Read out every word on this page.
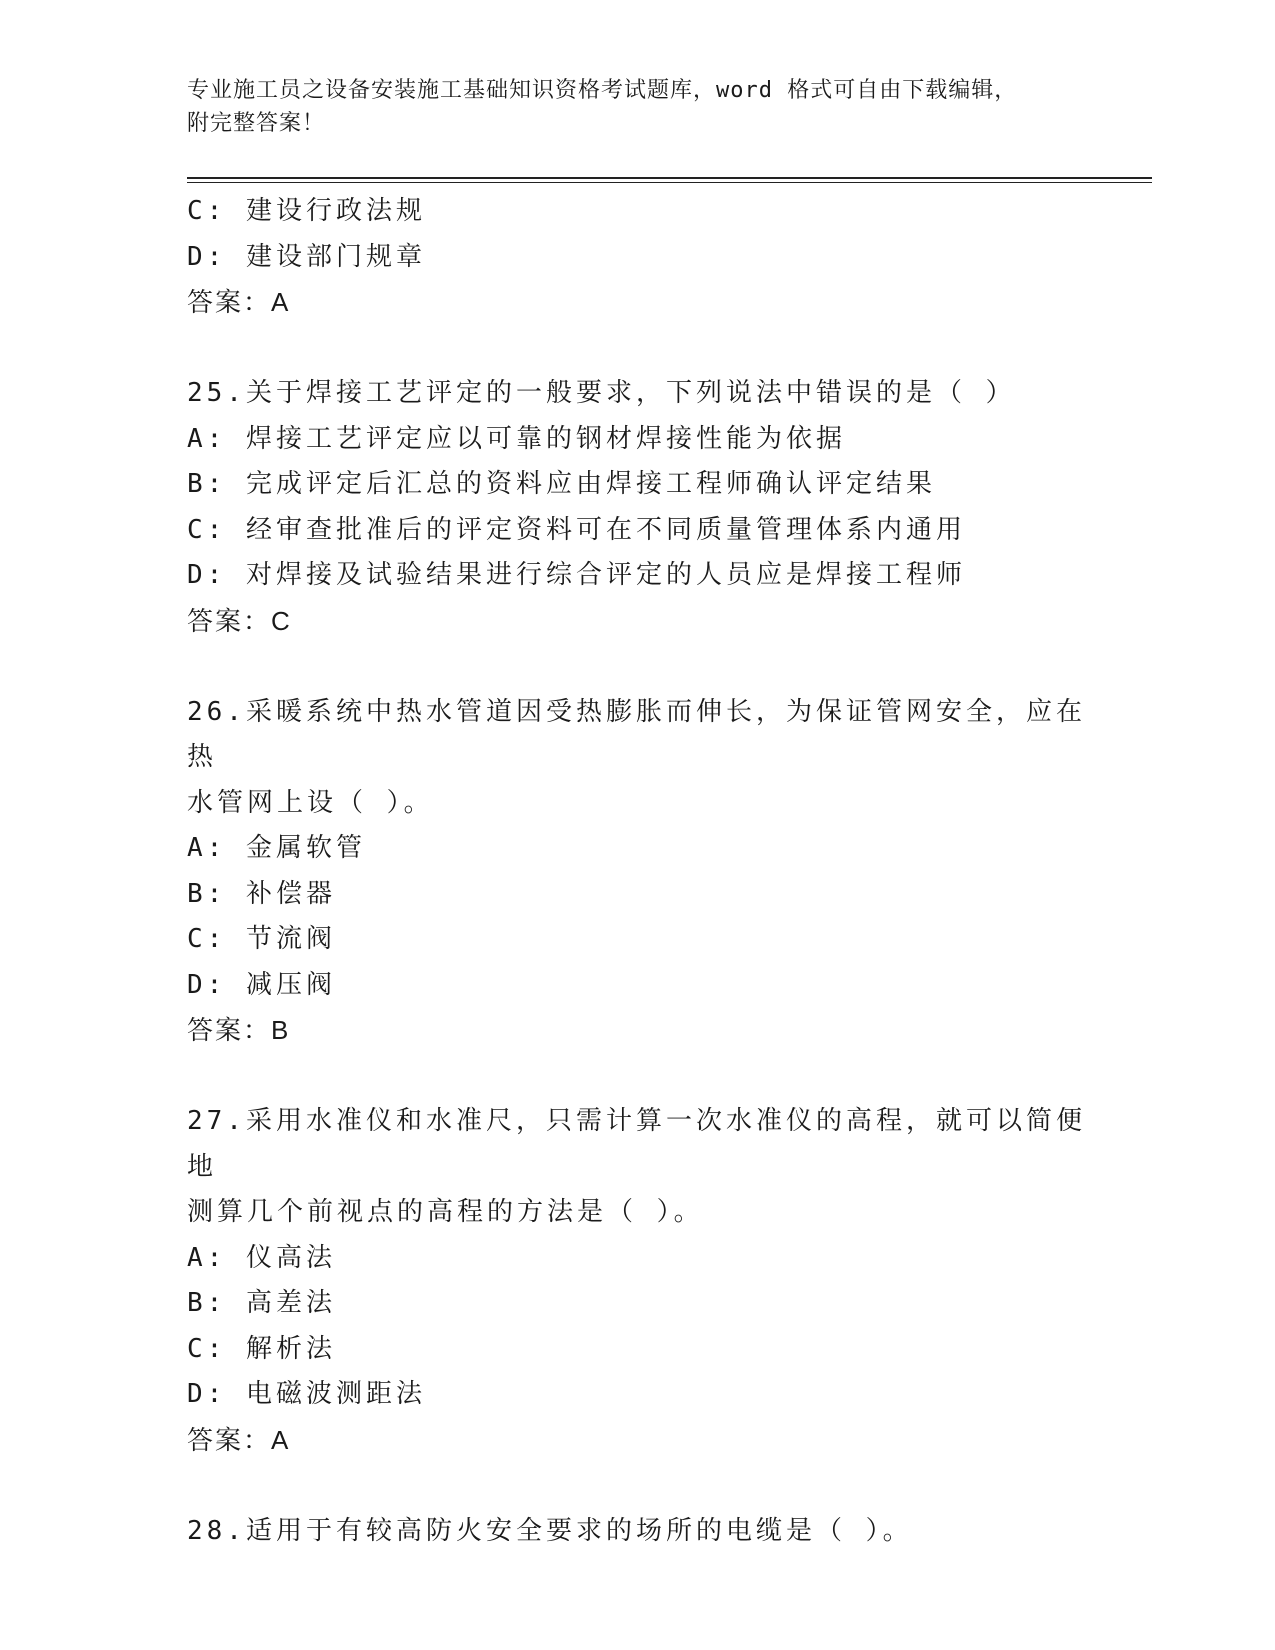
专业施工员之设备安装施工基础知识资格考试题库，word 格式可自由下载编辑，
附完整答案！
C: 建设行政法规
D: 建设部门规章
答案：A
25.关于焊接工艺评定的一般要求，下列说法中错误的是（ ）
A: 焊接工艺评定应以可靠的钢材焊接性能为依据
B: 完成评定后汇总的资料应由焊接工程师确认评定结果
C: 经审查批准后的评定资料可在不同质量管理体系内通用
D: 对焊接及试验结果进行综合评定的人员应是焊接工程师
答案：C
26.采暖系统中热水管道因受热膨胀而伸长，为保证管网安全，应在热
水管网上设（ ）。
A: 金属软管
B: 补偿器
C: 节流阀
D: 减压阀
答案：B
27.采用水准仪和水准尺，只需计算一次水准仪的高程，就可以简便地
测算几个前视点的高程的方法是（ ）。
A: 仪高法
B: 高差法
C: 解析法
D: 电磁波测距法
答案：A
28.适用于有较高防火安全要求的场所的电缆是（ ）。
